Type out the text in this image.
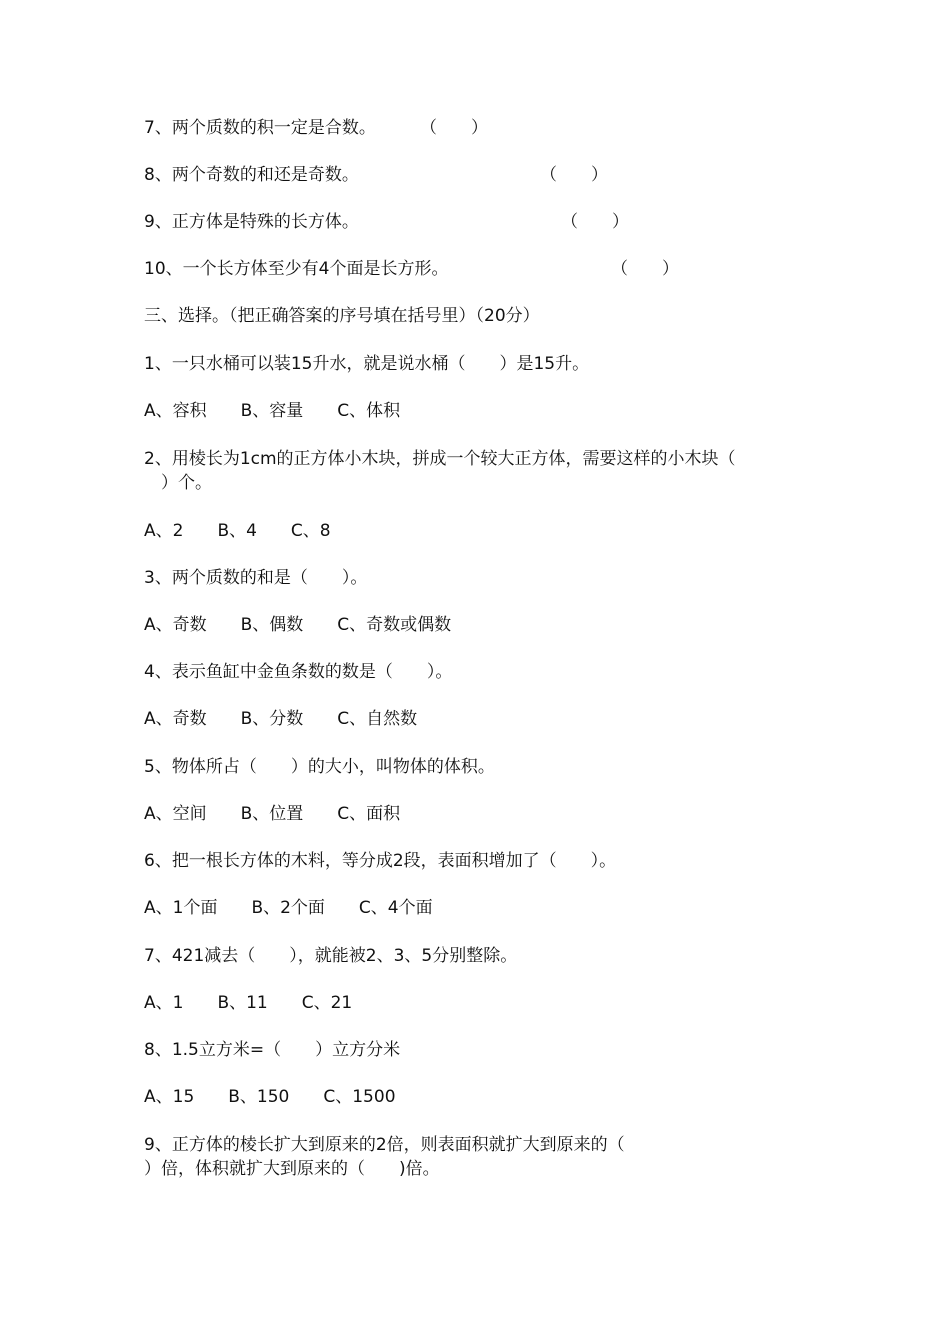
7、两个质数的积一定是合数。	（　　）
8、两个奇数的和还是奇数。	（　　）
9、正方体是特殊的长方体。	（　　）
10、一个长方体至少有4个面是长方形。	（　　）
三、选择。（把正确答案的序号填在括号里）（20分）
1、一只水桶可以装15升水，就是说水桶（　　）是15升。
A、容积　　B、容量　　C、体积
2、用棱长为1cm的正方体小木块，拼成一个较大正方体，需要这样的小木块（
　）个。
A、2　　B、4　　C、8
3、两个质数的和是（　　）。
A、奇数　　B、偶数　　C、奇数或偶数
4、表示鱼缸中金鱼条数的数是（　　）。
A、奇数　　B、分数　　C、自然数
5、物体所占（　　）的大小，叫物体的体积。
A、空间　　B、位置　　C、面积
6、把一根长方体的木料，等分成2段，表面积增加了（　　）。
A、1个面　　B、2个面　　C、4个面
7、421减去（　　），就能被2、3、5分别整除。
A、1　　B、11　　C、21
8、1.5立方米=（　　）立方分米
A、15　　B、150　　C、1500
9、正方体的棱长扩大到原来的2倍，则表面积就扩大到原来的（
）倍，体积就扩大到原来的（　　)倍。
